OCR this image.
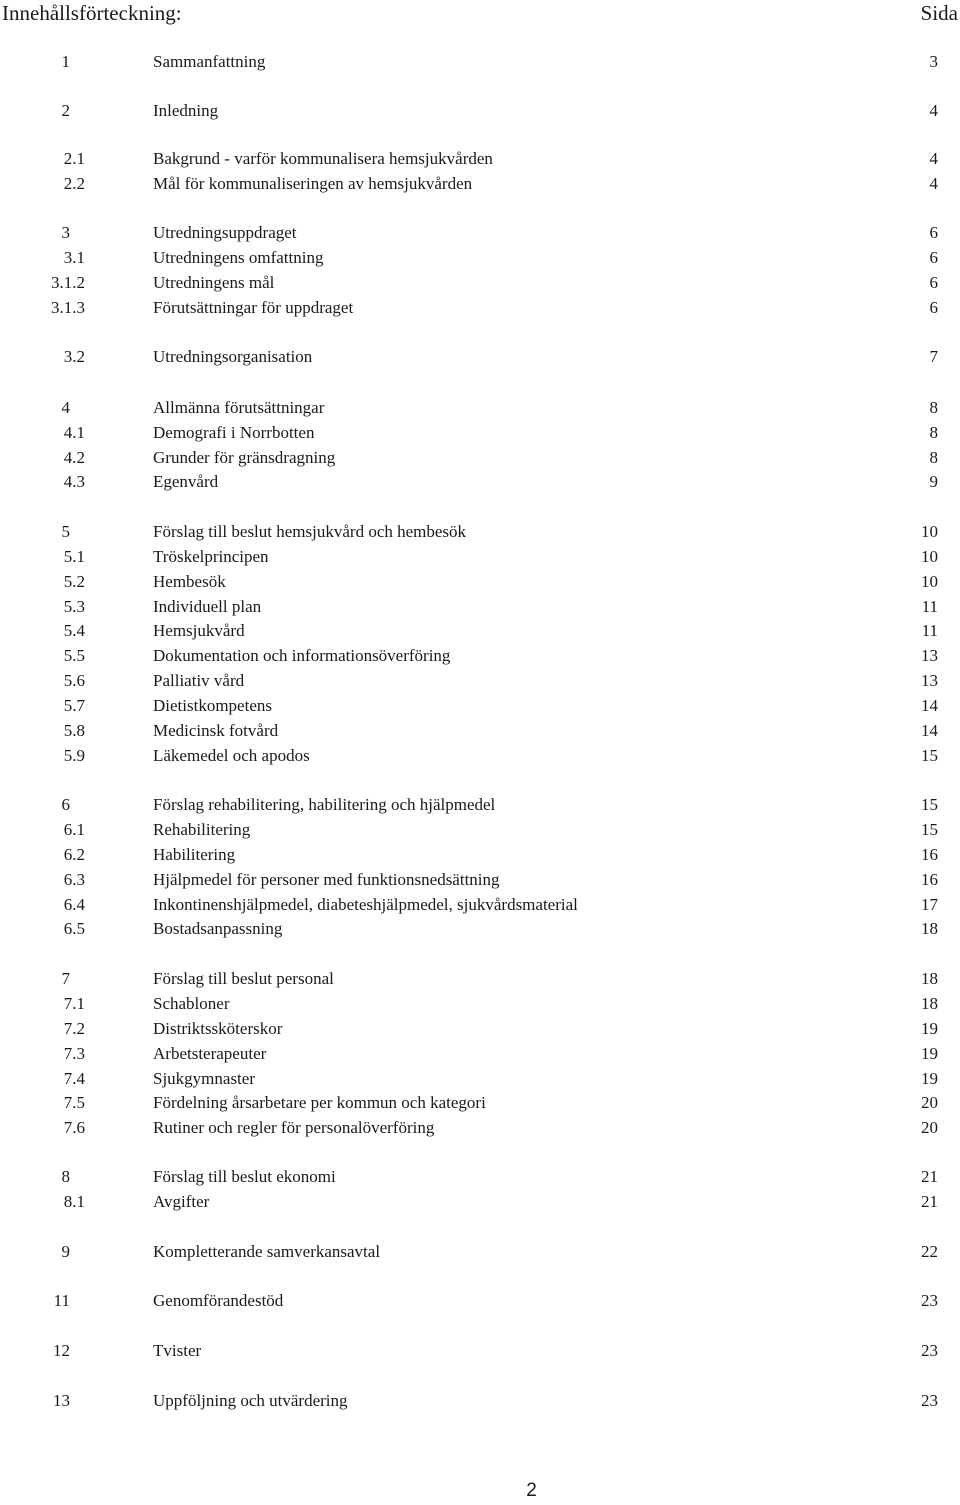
Innehållsförteckning:	Sida
1	Sammanfattning	3
2	Inledning	4
2.1	Bakgrund - varför kommunalisera hemsjukvården	4
2.2	Mål för kommunaliseringen av hemsjukvården	4
3	Utredningsuppdraget	6
3.1	Utredningens omfattning	6
3.1.2	Utredningens mål	6
3.1.3	Förutsättningar för uppdraget	6
3.2	Utredningsorganisation	7
4	Allmänna förutsättningar	8
4.1	Demografi i Norrbotten	8
4.2	Grunder för gränsdragning	8
4.3	Egenvård	9
5	Förslag till beslut hemsjukvård och hembesök	10
5.1	Tröskelprincipen	10
5.2	Hembesök	10
5.3	Individuell plan	11
5.4	Hemsjukvård	11
5.5	Dokumentation och informationsöverföring	13
5.6	Palliativ vård	13
5.7	Dietistkompetens	14
5.8	Medicinsk fotvård	14
5.9	Läkemedel och apodos	15
6	Förslag rehabilitering, habilitering och hjälpmedel	15
6.1	Rehabilitering	15
6.2	Habilitering	16
6.3	Hjälpmedel för personer med funktionsnedsättning	16
6.4	Inkontinenshjälpmedel, diabeteshjälpmedel, sjukvårdsmaterial	17
6.5	Bostadsanpassning	18
7	Förslag till beslut personal	18
7.1	Schabloner	18
7.2	Distriktssköterskor	19
7.3	Arbetsterapeuter	19
7.4	Sjukgymnaster	19
7.5	Fördelning årsarbetare per kommun och kategori	20
7.6	Rutiner och regler för personalöverföring	20
8	Förslag till beslut ekonomi	21
8.1	Avgifter	21
9	Kompletterande samverkansavtal	22
11	Genomförandestöd	23
12	Tvister	23
13	Uppföljning och utvärdering	23
2
